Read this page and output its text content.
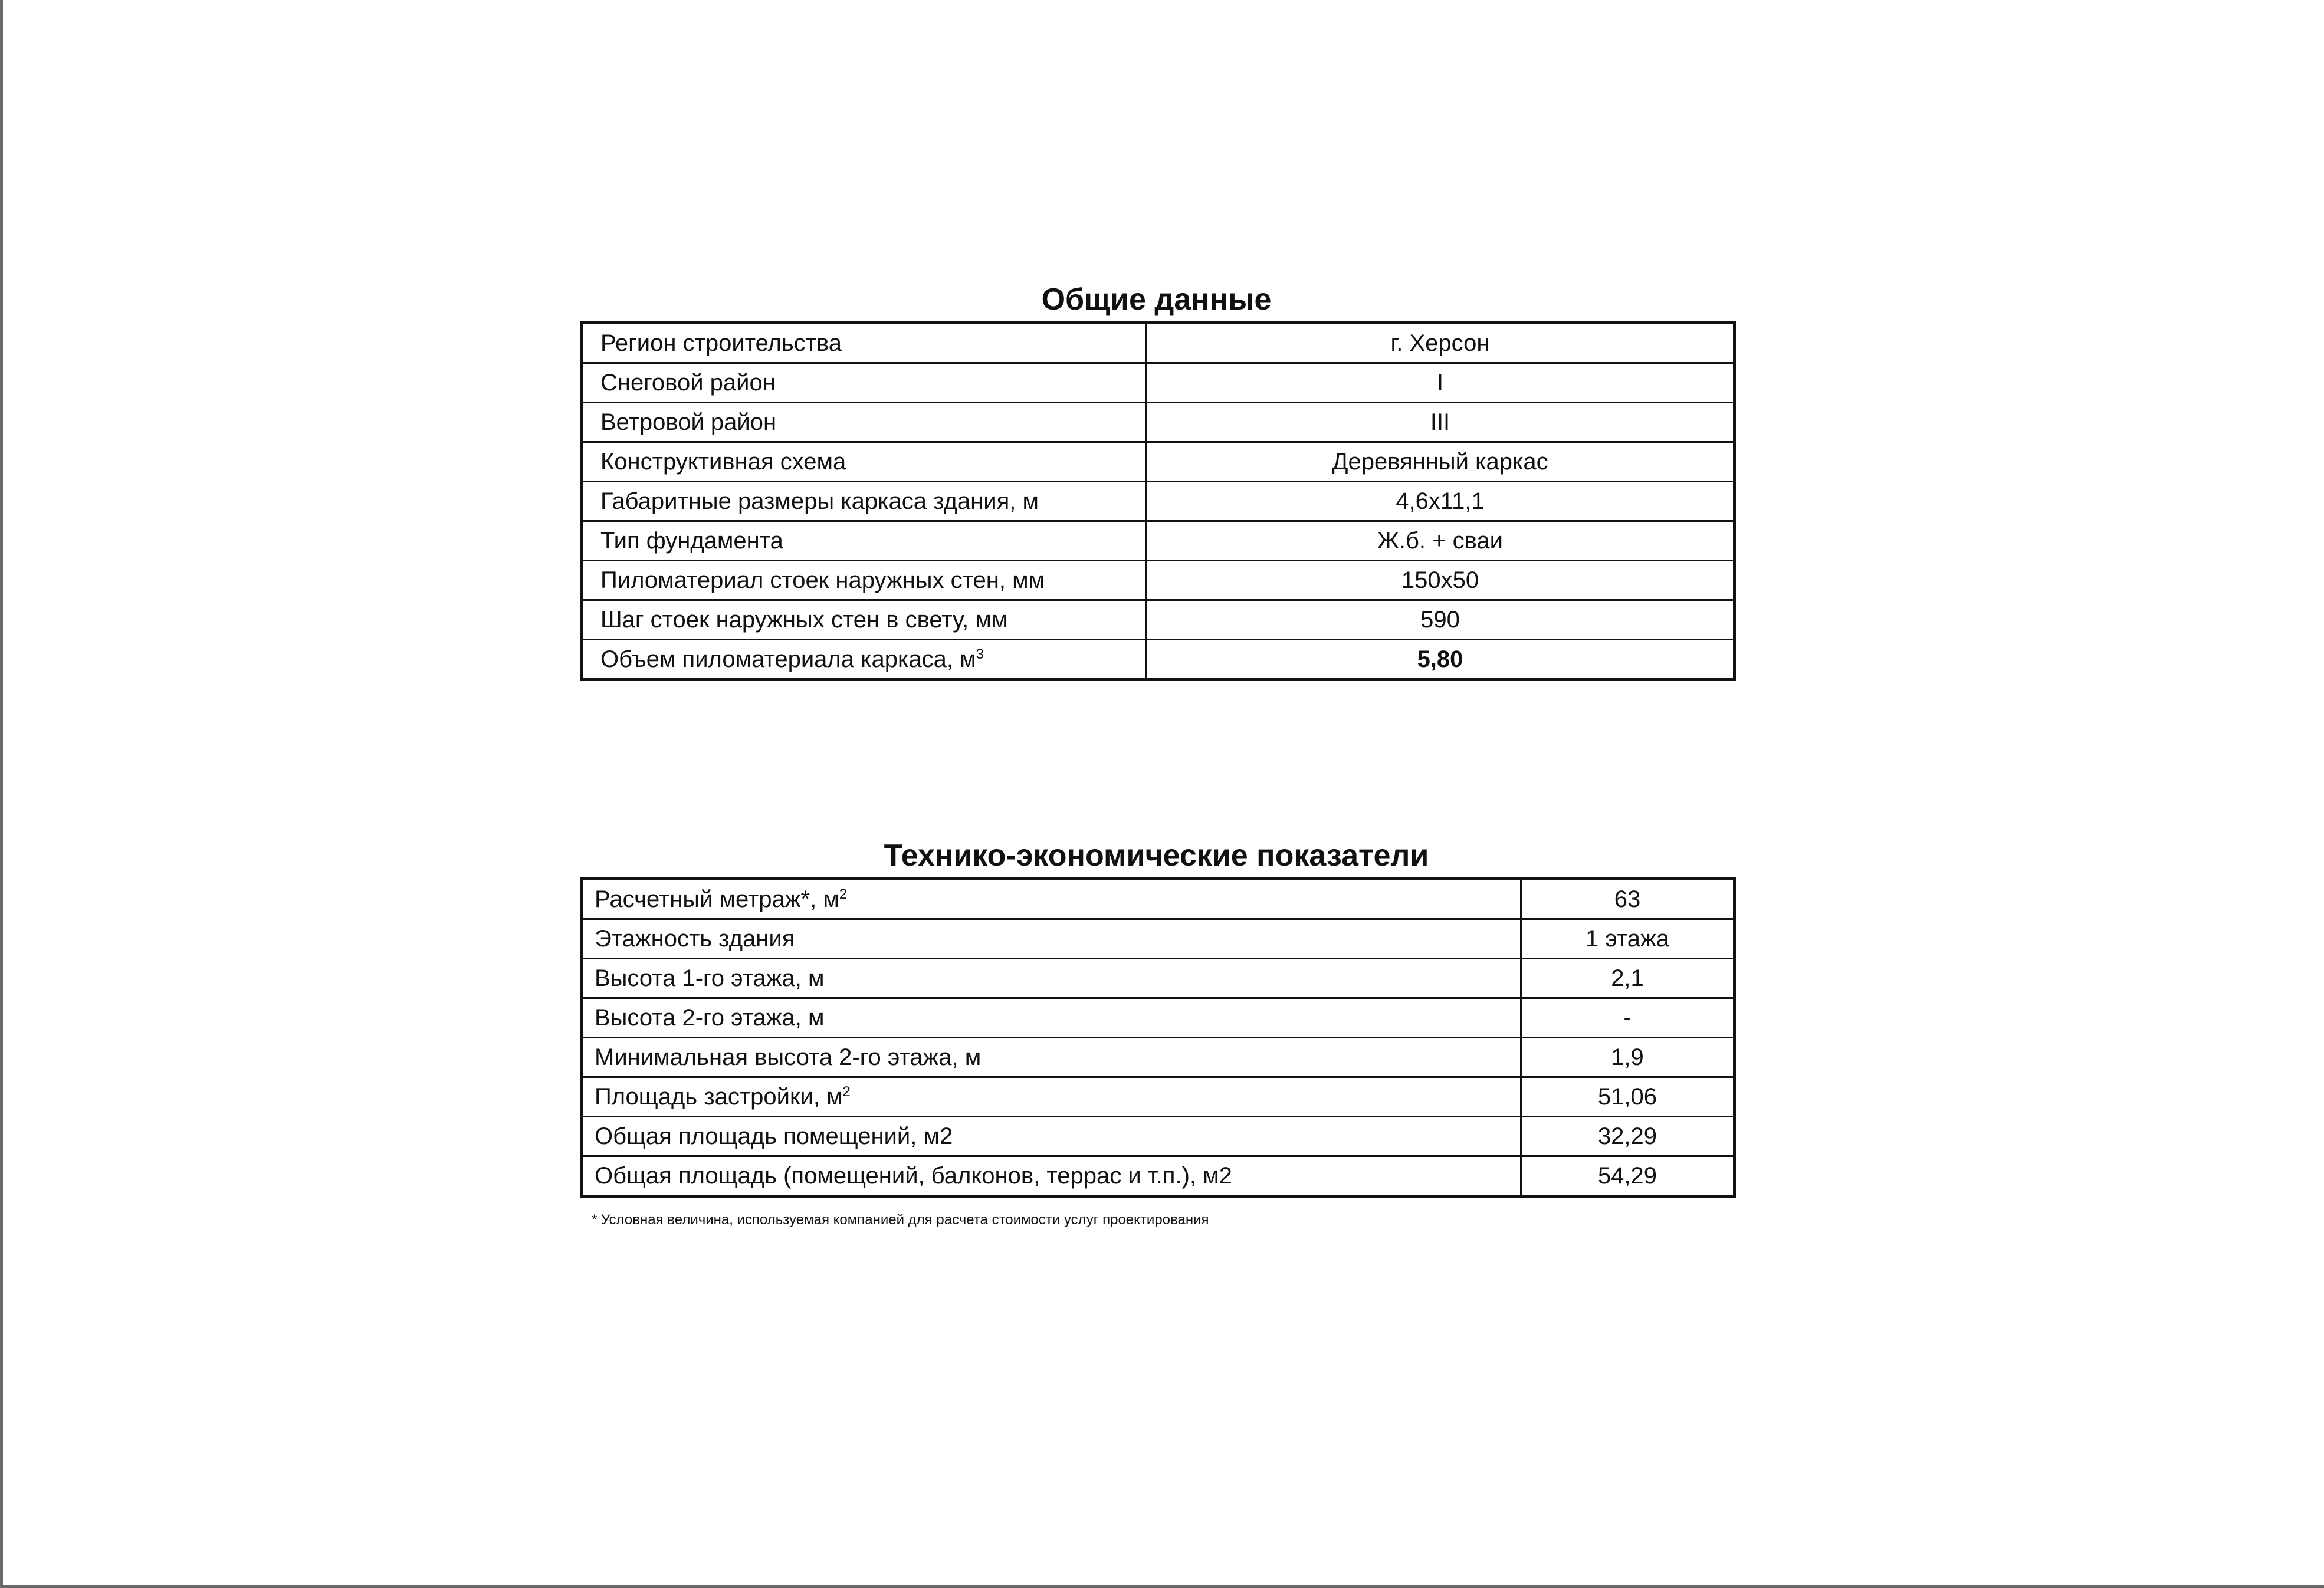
Общие данные
Регион строительства	г. Херсон
Снеговой район	I
Ветровой район	III
Конструктивная схема	Деревянный каркас
Габаритные размеры каркаса здания, м	4,6х11,1
Тип фундамента	Ж.б. + сваи
Пиломатериал стоек наружных стен, мм	150х50
Шаг стоек наружных стен в свету, мм	590
Объем пиломатериала каркаса, $м^3$	5,80
Технико-экономические показатели
Расчетный метраж*, $м^2$	63
Этажность здания	1 этажа
Высота 1-го этажа, м	2,1
Высота 2-го этажа, м	-
Минимальная высота 2-го этажа, м	1,9
Площадь застройки, $м^2$	51,06
Общая площадь помещений, м2	32,29
Общая площадь (помещений, балконов, террас и т.п.), м2	54,29
* Условная величина, используемая компанией для расчета стоимости услуг проектирования
